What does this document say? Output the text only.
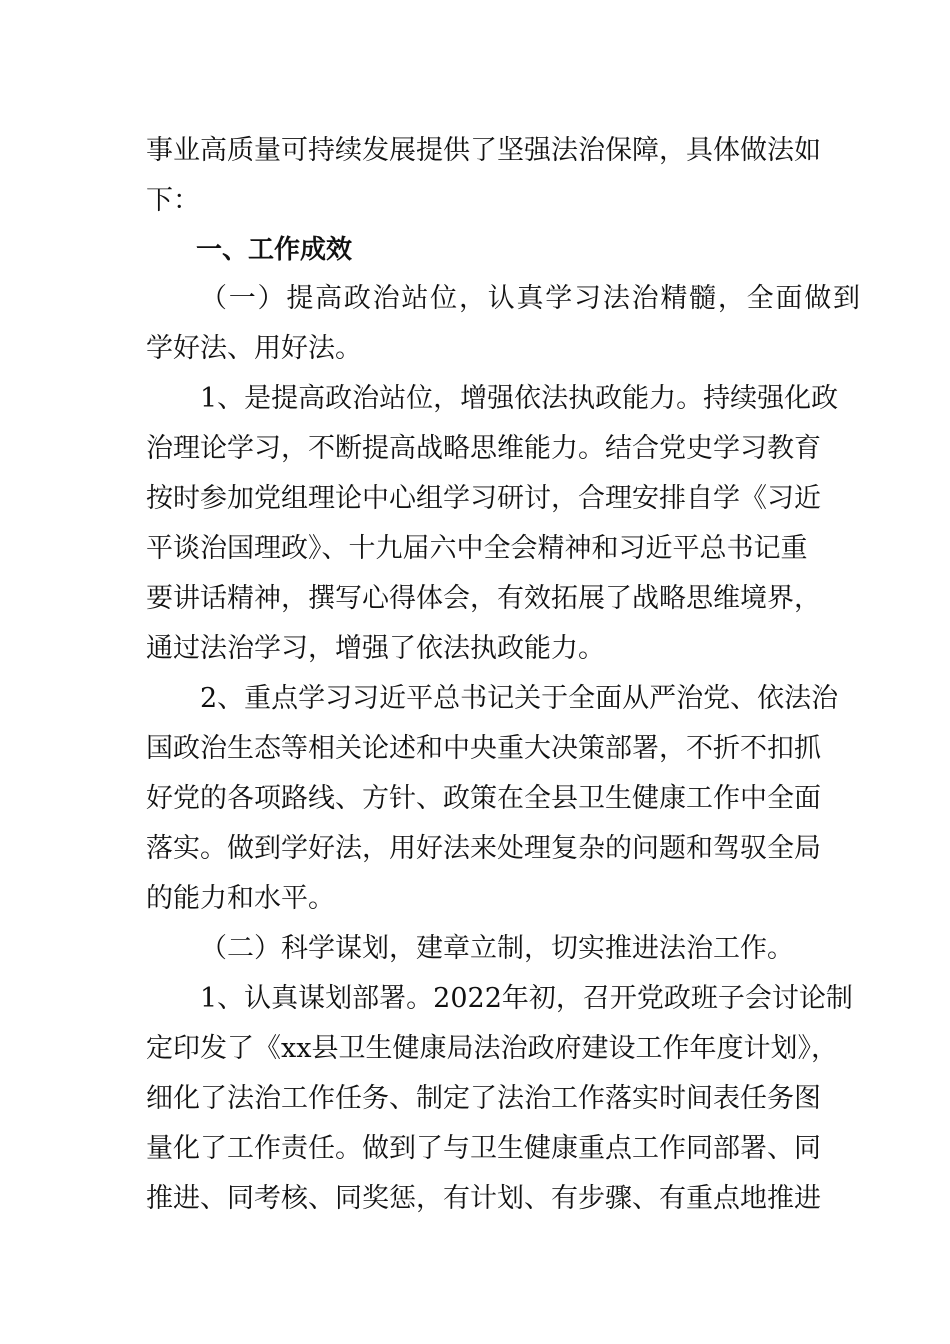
事业高质量可持续发展提供了坚强法治保障，具体做法如
下：
一、工作成效
（一）提高政治站位，认真学习法治精髓，全面做到
学好法、用好法。
1、是提高政治站位，增强依法执政能力。持续强化政
治理论学习，不断提高战略思维能力。结合党史学习教育
按时参加党组理论中心组学习研讨，合理安排自学《习近
平谈治国理政》、十九届六中全会精神和习近平总书记重
要讲话精神，撰写心得体会，有效拓展了战略思维境界，
通过法治学习，增强了依法执政能力。
2、重点学习习近平总书记关于全面从严治党、依法治
国政治生态等相关论述和中央重大决策部署，不折不扣抓
好党的各项路线、方针、政策在全县卫生健康工作中全面
落实。做到学好法，用好法来处理复杂的问题和驾驭全局
的能力和水平。
（二）科学谋划，建章立制，切实推进法治工作。
1、认真谋划部署。2022年初，召开党政班子会讨论制
定印发了《xx县卫生健康局法治政府建设工作年度计划》，
细化了法治工作任务、制定了法治工作落实时间表任务图
量化了工作责任。做到了与卫生健康重点工作同部署、同
推进、同考核、同奖惩，有计划、有步骤、有重点地推进
